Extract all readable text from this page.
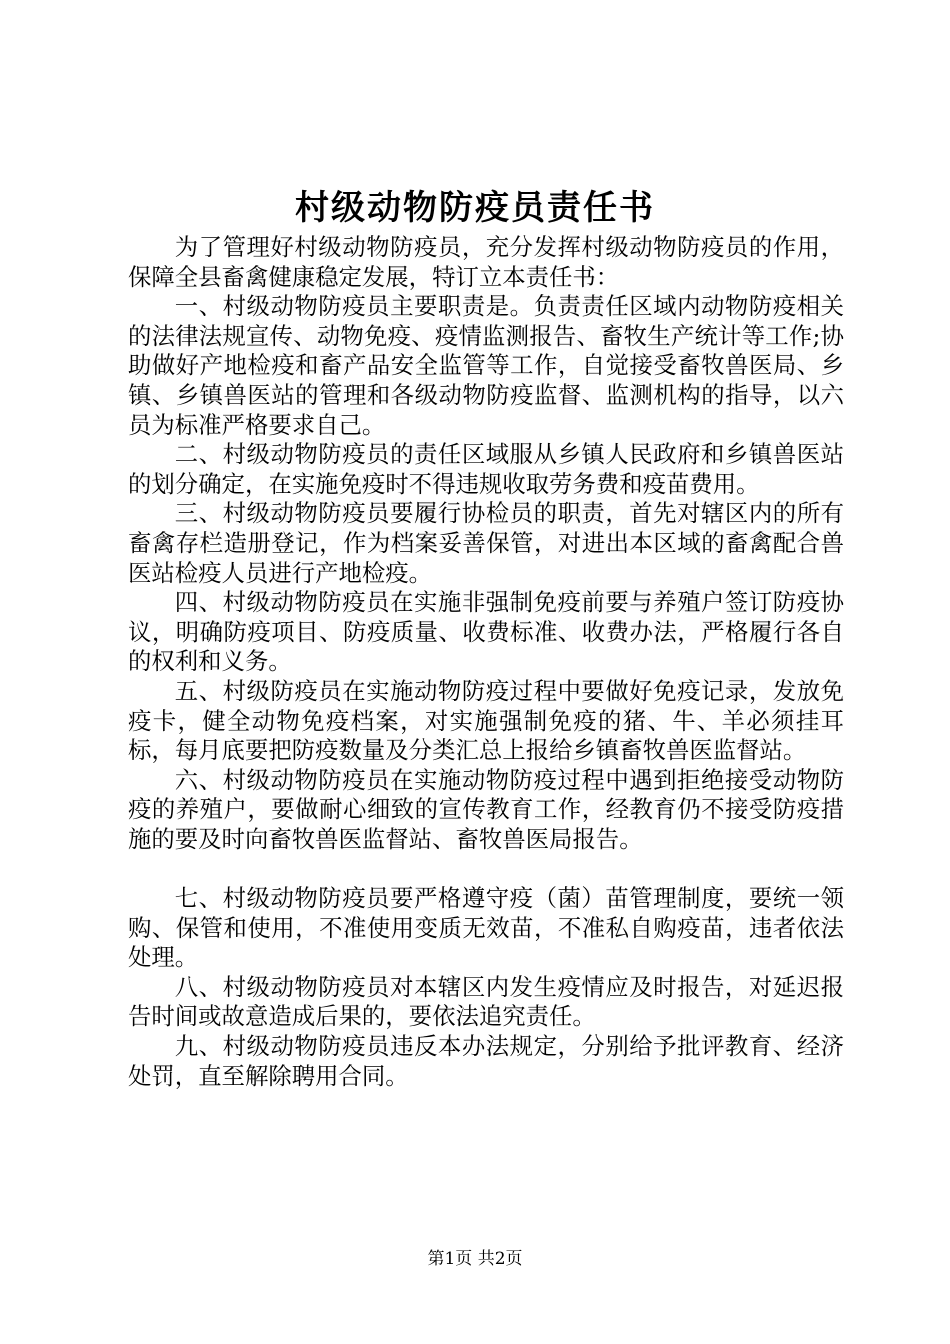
村级动物防疫员责任书

为了管理好村级动物防疫员，充分发挥村级动物防疫员的作用，保障全县畜禽健康稳定发展，特订立本责任书：

一、村级动物防疫员主要职责是。负责责任区域内动物防疫相关的法律法规宣传、动物免疫、疫情监测报告、畜牧生产统计等工作;协助做好产地检疫和畜产品安全监管等工作，自觉接受畜牧兽医局、乡镇、乡镇兽医站的管理和各级动物防疫监督、监测机构的指导，以六员为标准严格要求自己。

二、村级动物防疫员的责任区域服从乡镇人民政府和乡镇兽医站的划分确定，在实施免疫时不得违规收取劳务费和疫苗费用。

三、村级动物防疫员要履行协检员的职责，首先对辖区内的所有畜禽存栏造册登记，作为档案妥善保管，对进出本区域的畜禽配合兽医站检疫人员进行产地检疫。

四、村级动物防疫员在实施非强制免疫前要与养殖户签订防疫协议，明确防疫项目、防疫质量、收费标准、收费办法，严格履行各自的权利和义务。

五、村级防疫员在实施动物防疫过程中要做好免疫记录，发放免疫卡，健全动物免疫档案，对实施强制免疫的猪、牛、羊必须挂耳标，每月底要把防疫数量及分类汇总上报给乡镇畜牧兽医监督站。

六、村级动物防疫员在实施动物防疫过程中遇到拒绝接受动物防疫的养殖户，要做耐心细致的宣传教育工作，经教育仍不接受防疫措施的要及时向畜牧兽医监督站、畜牧兽医局报告。

七、村级动物防疫员要严格遵守疫（菌）苗管理制度，要统一领购、保管和使用，不准使用变质无效苗，不准私自购疫苗，违者依法处理。

八、村级动物防疫员对本辖区内发生疫情应及时报告，对延迟报告时间或故意造成后果的，要依法追究责任。

九、村级动物防疫员违反本办法规定，分别给予批评教育、经济处罚，直至解除聘用合同。

第1页 共2页
